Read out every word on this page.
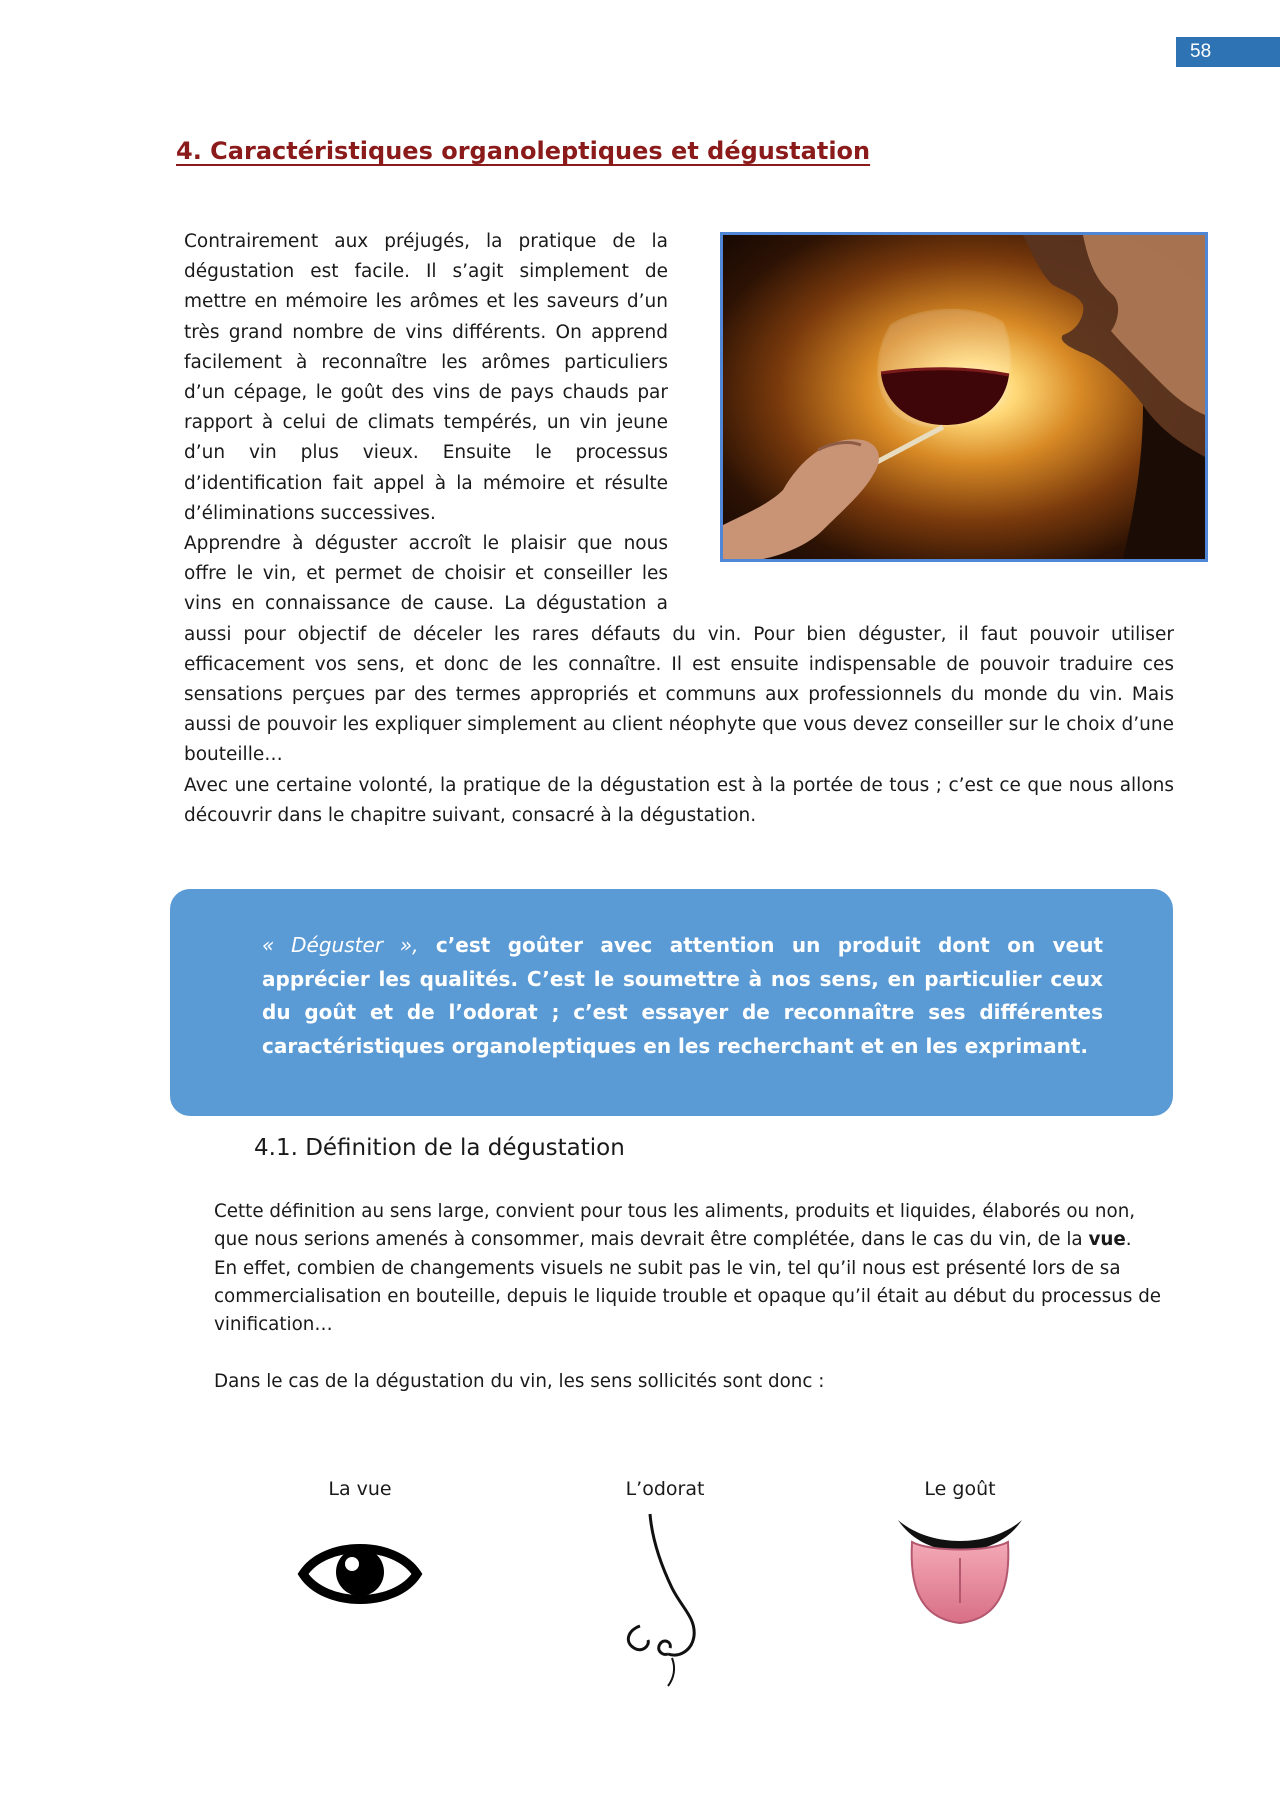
58
4. Caractéristiques organoleptiques et dégustation

Contrairement aux préjugés, la pratique de la dégustation est facile. Il s’agit simplement de mettre en mémoire les arômes et les saveurs d’un très grand nombre de vins différents. On apprend facilement à reconnaître les arômes particuliers d’un cépage, le goût des vins de pays chauds par rapport à celui de climats tempérés, un vin jeune d’un vin plus vieux. Ensuite le processus d’identification fait appel à la mémoire et résulte d’éliminations successives.

Apprendre à déguster accroît le plaisir que nous offre le vin, et permet de choisir et conseiller les vins en connaissance de cause. La dégustation a aussi pour objectif de déceler les rares défauts du vin. Pour bien déguster, il faut pouvoir utiliser efficacement vos sens, et donc de les connaître. Il est ensuite indispensable de pouvoir traduire ces sensations perçues par des termes appropriés et communs aux professionnels du monde du vin. Mais aussi de pouvoir les expliquer simplement au client néophyte que vous devez conseiller sur le choix d’une bouteille…

Avec une certaine volonté, la pratique de la dégustation est à la portée de tous ; c’est ce que nous allons découvrir dans le chapitre suivant, consacré à la dégustation.

« Déguster », c’est goûter avec attention un produit dont on veut apprécier les qualités. C’est le soumettre à nos sens, en particulier ceux du goût et de l’odorat ; c’est essayer de reconnaître ses différentes caractéristiques organoleptiques en les recherchant et en les exprimant.

4.1. Définition de la dégustation

Cette définition au sens large, convient pour tous les aliments, produits et liquides, élaborés ou non, que nous serions amenés à consommer, mais devrait être complétée, dans le cas du vin, de la vue.

En effet, combien de changements visuels ne subit pas le vin, tel qu’il nous est présenté lors de sa commercialisation en bouteille, depuis le liquide trouble et opaque qu’il était au début du processus de vinification…

Dans le cas de la dégustation du vin, les sens sollicités sont donc :

La vue	L’odorat	Le goût
